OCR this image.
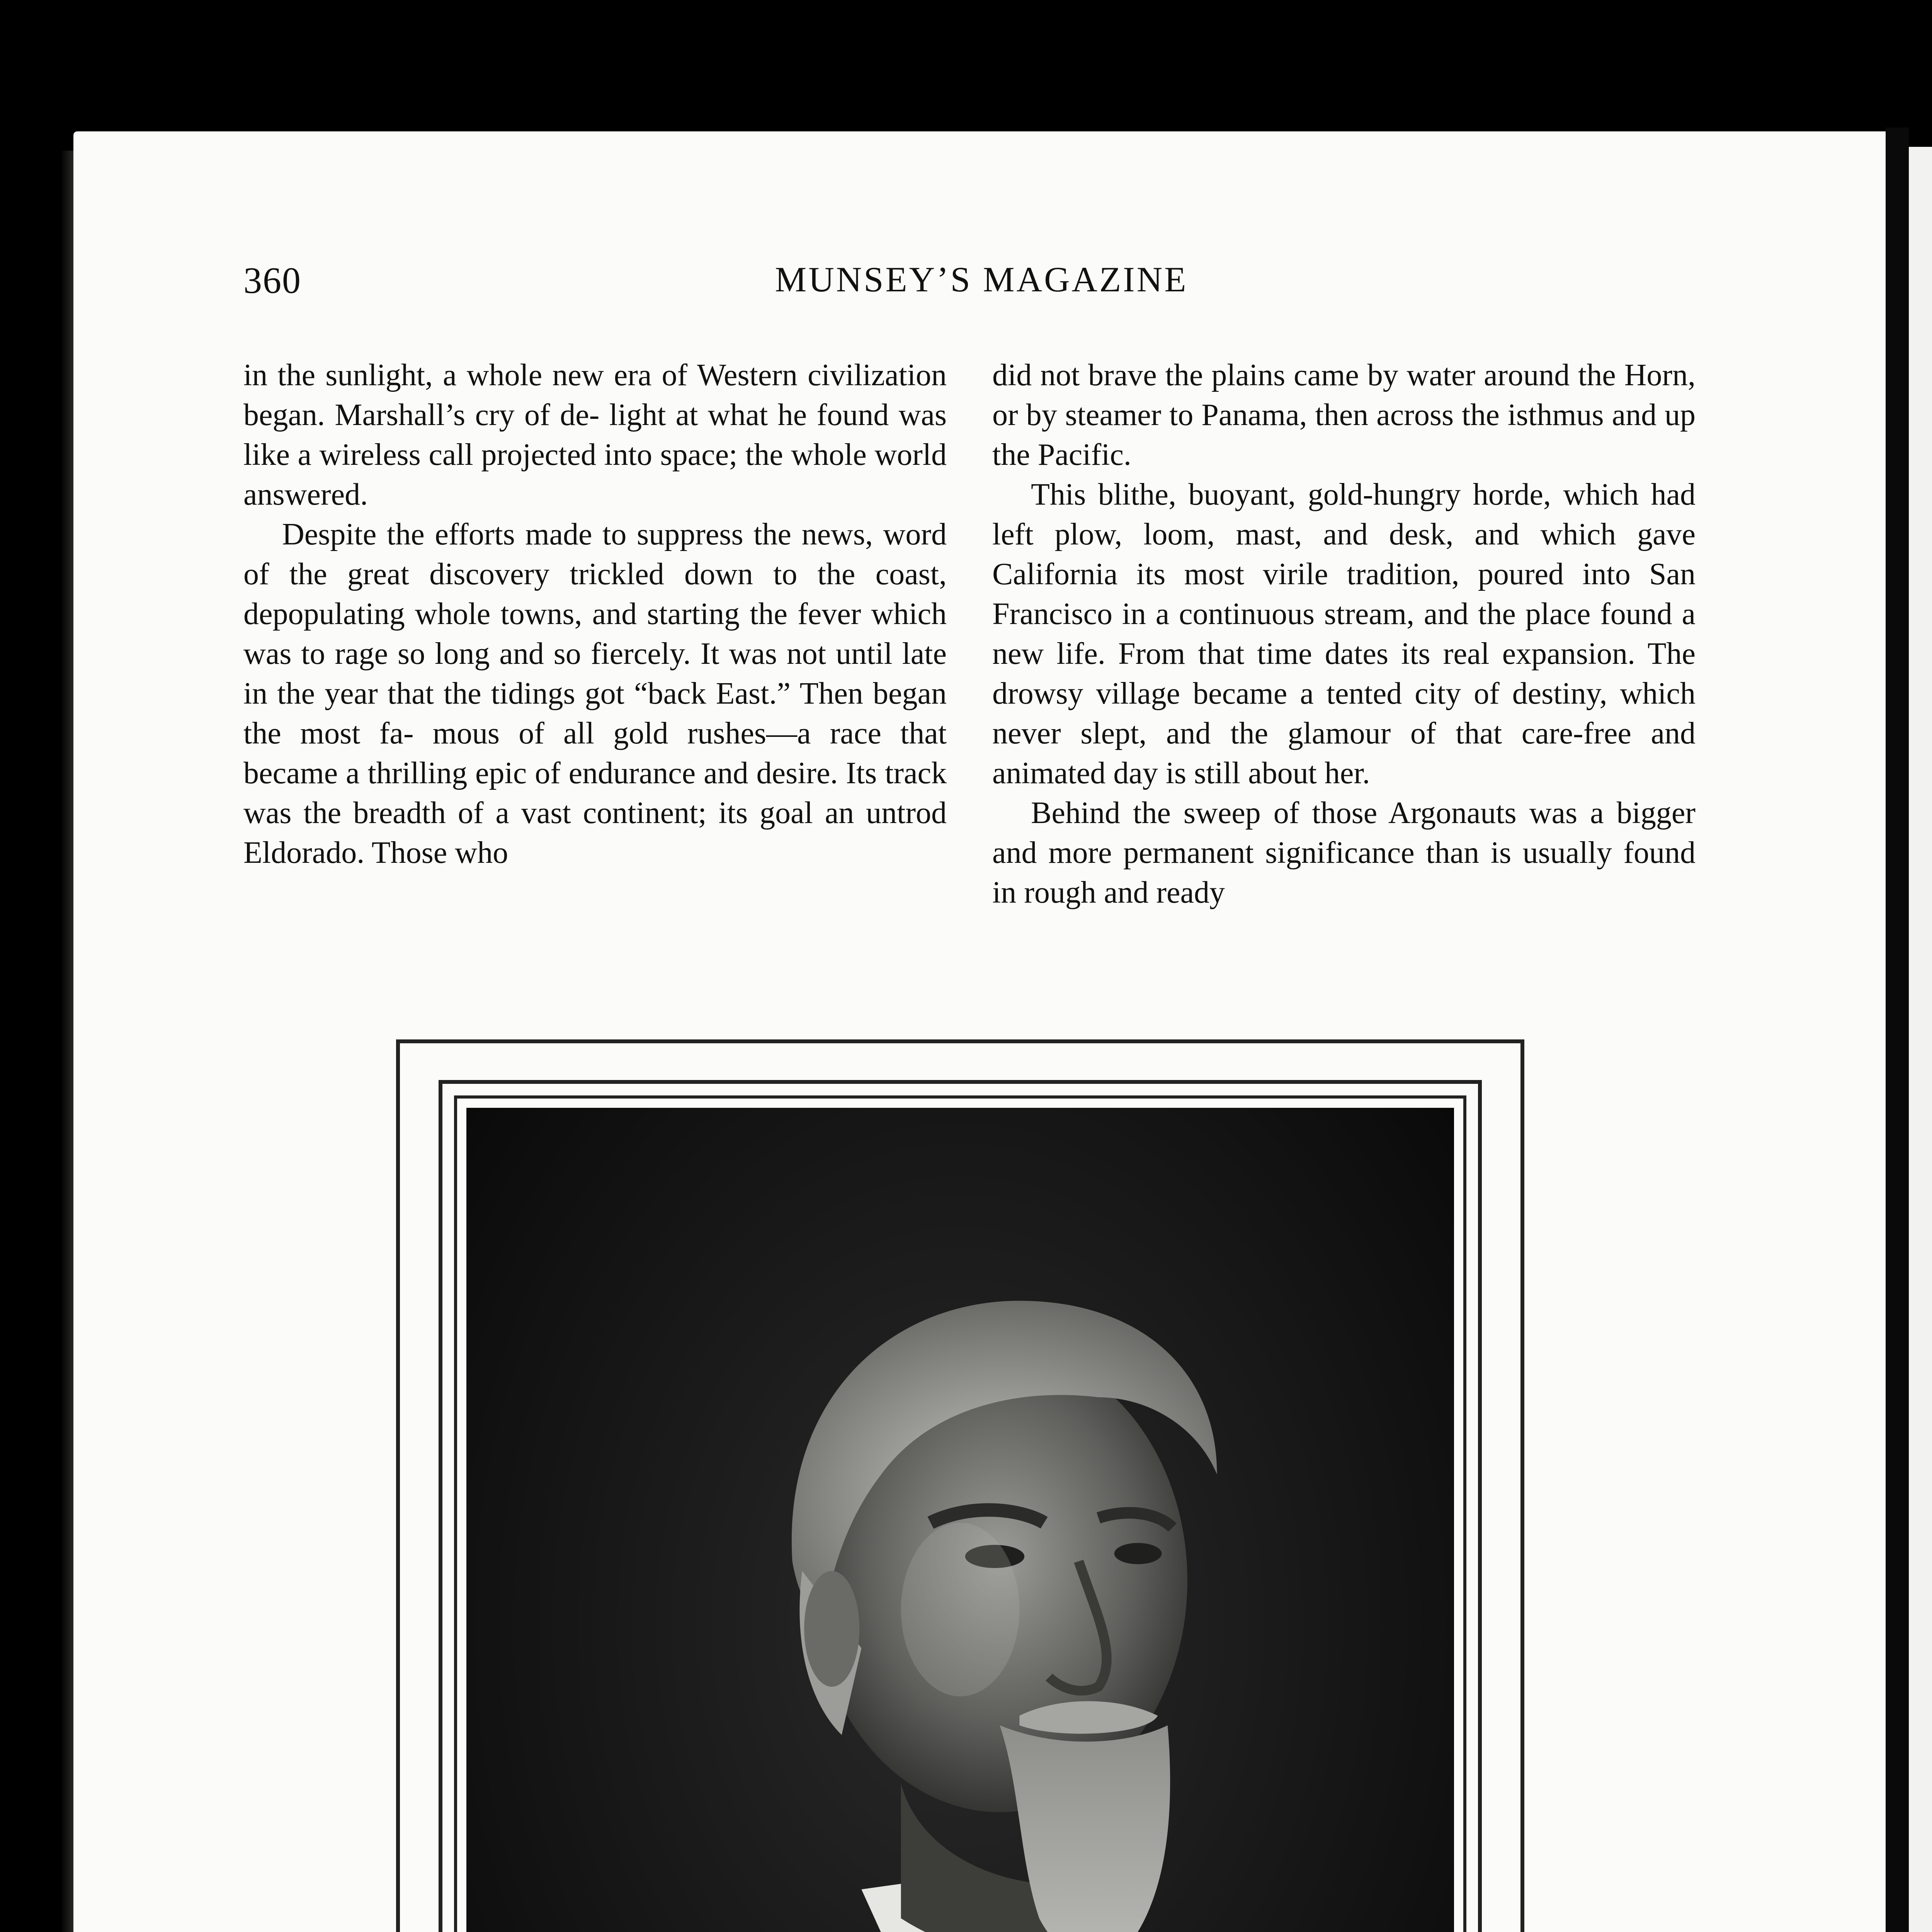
360	MUNSEY’S MAGAZINE

in the sunlight, a whole new era of Western civilization began. Marshall’s cry of de- light at what he found was like a wireless call projected into space; the whole world answered.

Despite the efforts made to suppress the news, word of the great discovery trickled down to the coast, depopulating whole towns, and starting the fever which was to rage so long and so fiercely. It was not until late in the year that the tidings got “back East.” Then began the most fa- mous of all gold rushes—a race that became a thrilling epic of endurance and desire. Its track was the breadth of a vast continent; its goal an untrod Eldorado. Those who

did not brave the plains came by water around the Horn, or by steamer to Panama, then across the isthmus and up the Pacific.

This blithe, buoyant, gold-hungry horde, which had left plow, loom, mast, and desk, and which gave California its most virile tradition, poured into San Francisco in a continuous stream, and the place found a new life. From that time dates its real expansion. The drowsy village became a tented city of destiny, which never slept, and the glamour of that care-free and animated day is still about her.

Behind the sweep of those Argonauts was a bigger and more permanent significance than is usually found in rough and ready
